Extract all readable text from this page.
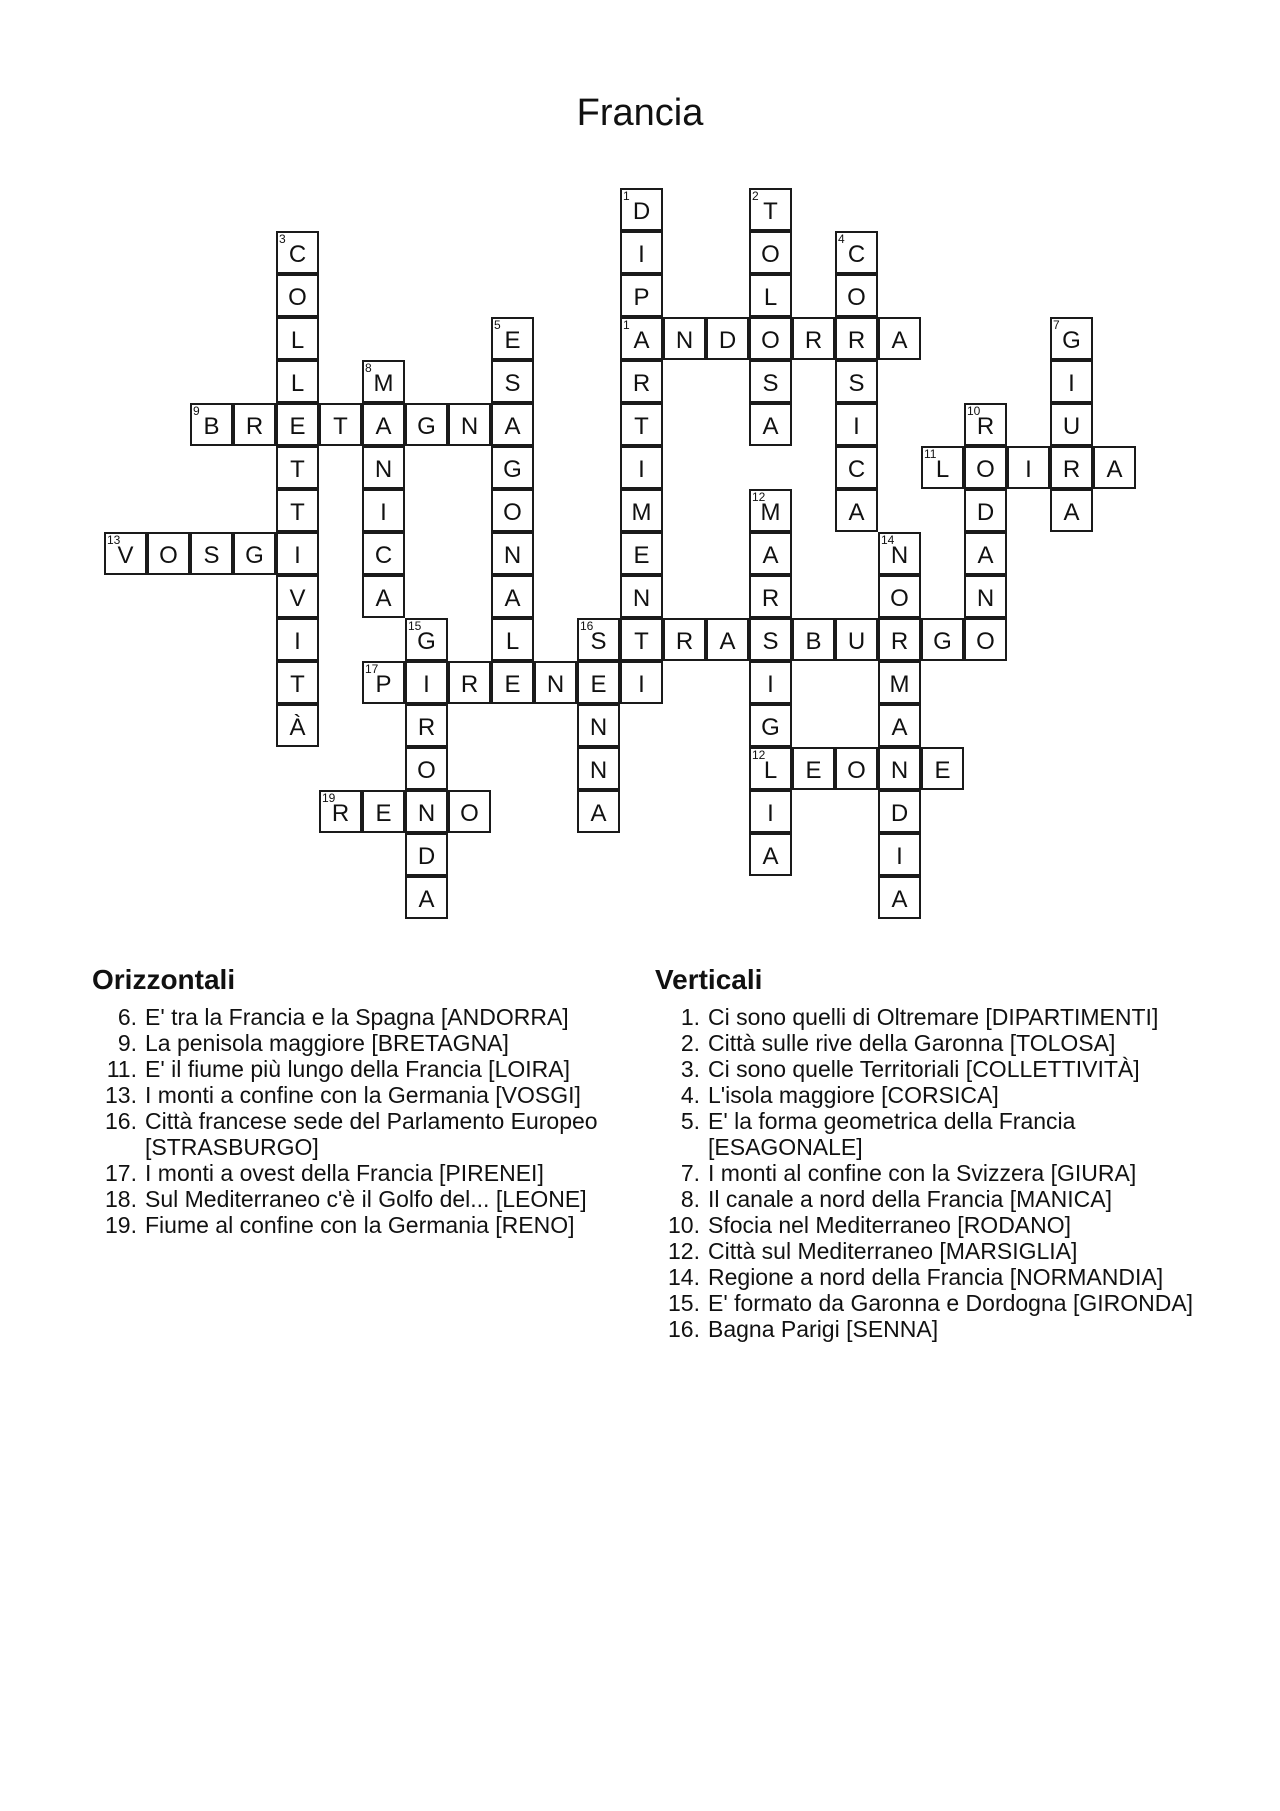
Francia
1
D
I
P
1
A
R
T
I
M
E
N
T
I
2
T
O
L
O
S
A
3
C
O
L
L
E
T
T
I
V
I
T
À
4
C
O
R
S
I
C
A
5
E
S
A
G
O
N
A
L
E
N	D	R	A
7
G
I
U
R
A
8
M
A
N
I
C
A
9
B	R	T	G	N
10
R
O
D
A
N
O
11
L	I	A
12
M
A
R
S
I
G
12
L
I
A
13
V	O	S	G
14
N
O
R
M
A
N
D
I
A
15
G
I
R
O
N
D
A
16
S	R	A	B	U	G
E
N
N
A
17
P	R	N
E	O	E
19
R	E	O
Orizzontali
6. E' tra la Francia e la Spagna [ANDORRA]
9. La penisola maggiore [BRETAGNA]
11. E' il fiume più lungo della Francia [LOIRA]
13. I monti a confine con la Germania [VOSGI]
16. Città francese sede del Parlamento Europeo [STRASBURGO]
17. I monti a ovest della Francia [PIRENEI]
18. Sul Mediterraneo c'è il Golfo del... [LEONE]
19. Fiume al confine con la Germania [RENO]
Verticali
1. Ci sono quelli di Oltremare [DIPARTIMENTI]
2. Città sulle rive della Garonna [TOLOSA]
3. Ci sono quelle Territoriali [COLLETTIVITÀ]
4. L'isola maggiore [CORSICA]
5. E' la forma geometrica della Francia [ESAGONALE]
7. I monti al confine con la Svizzera [GIURA]
8. Il canale a nord della Francia [MANICA]
10. Sfocia nel Mediterraneo [RODANO]
12. Città sul Mediterraneo [MARSIGLIA]
14. Regione a nord della Francia [NORMANDIA]
15. E' formato da Garonna e Dordogna [GIRONDA]
16. Bagna Parigi [SENNA]
